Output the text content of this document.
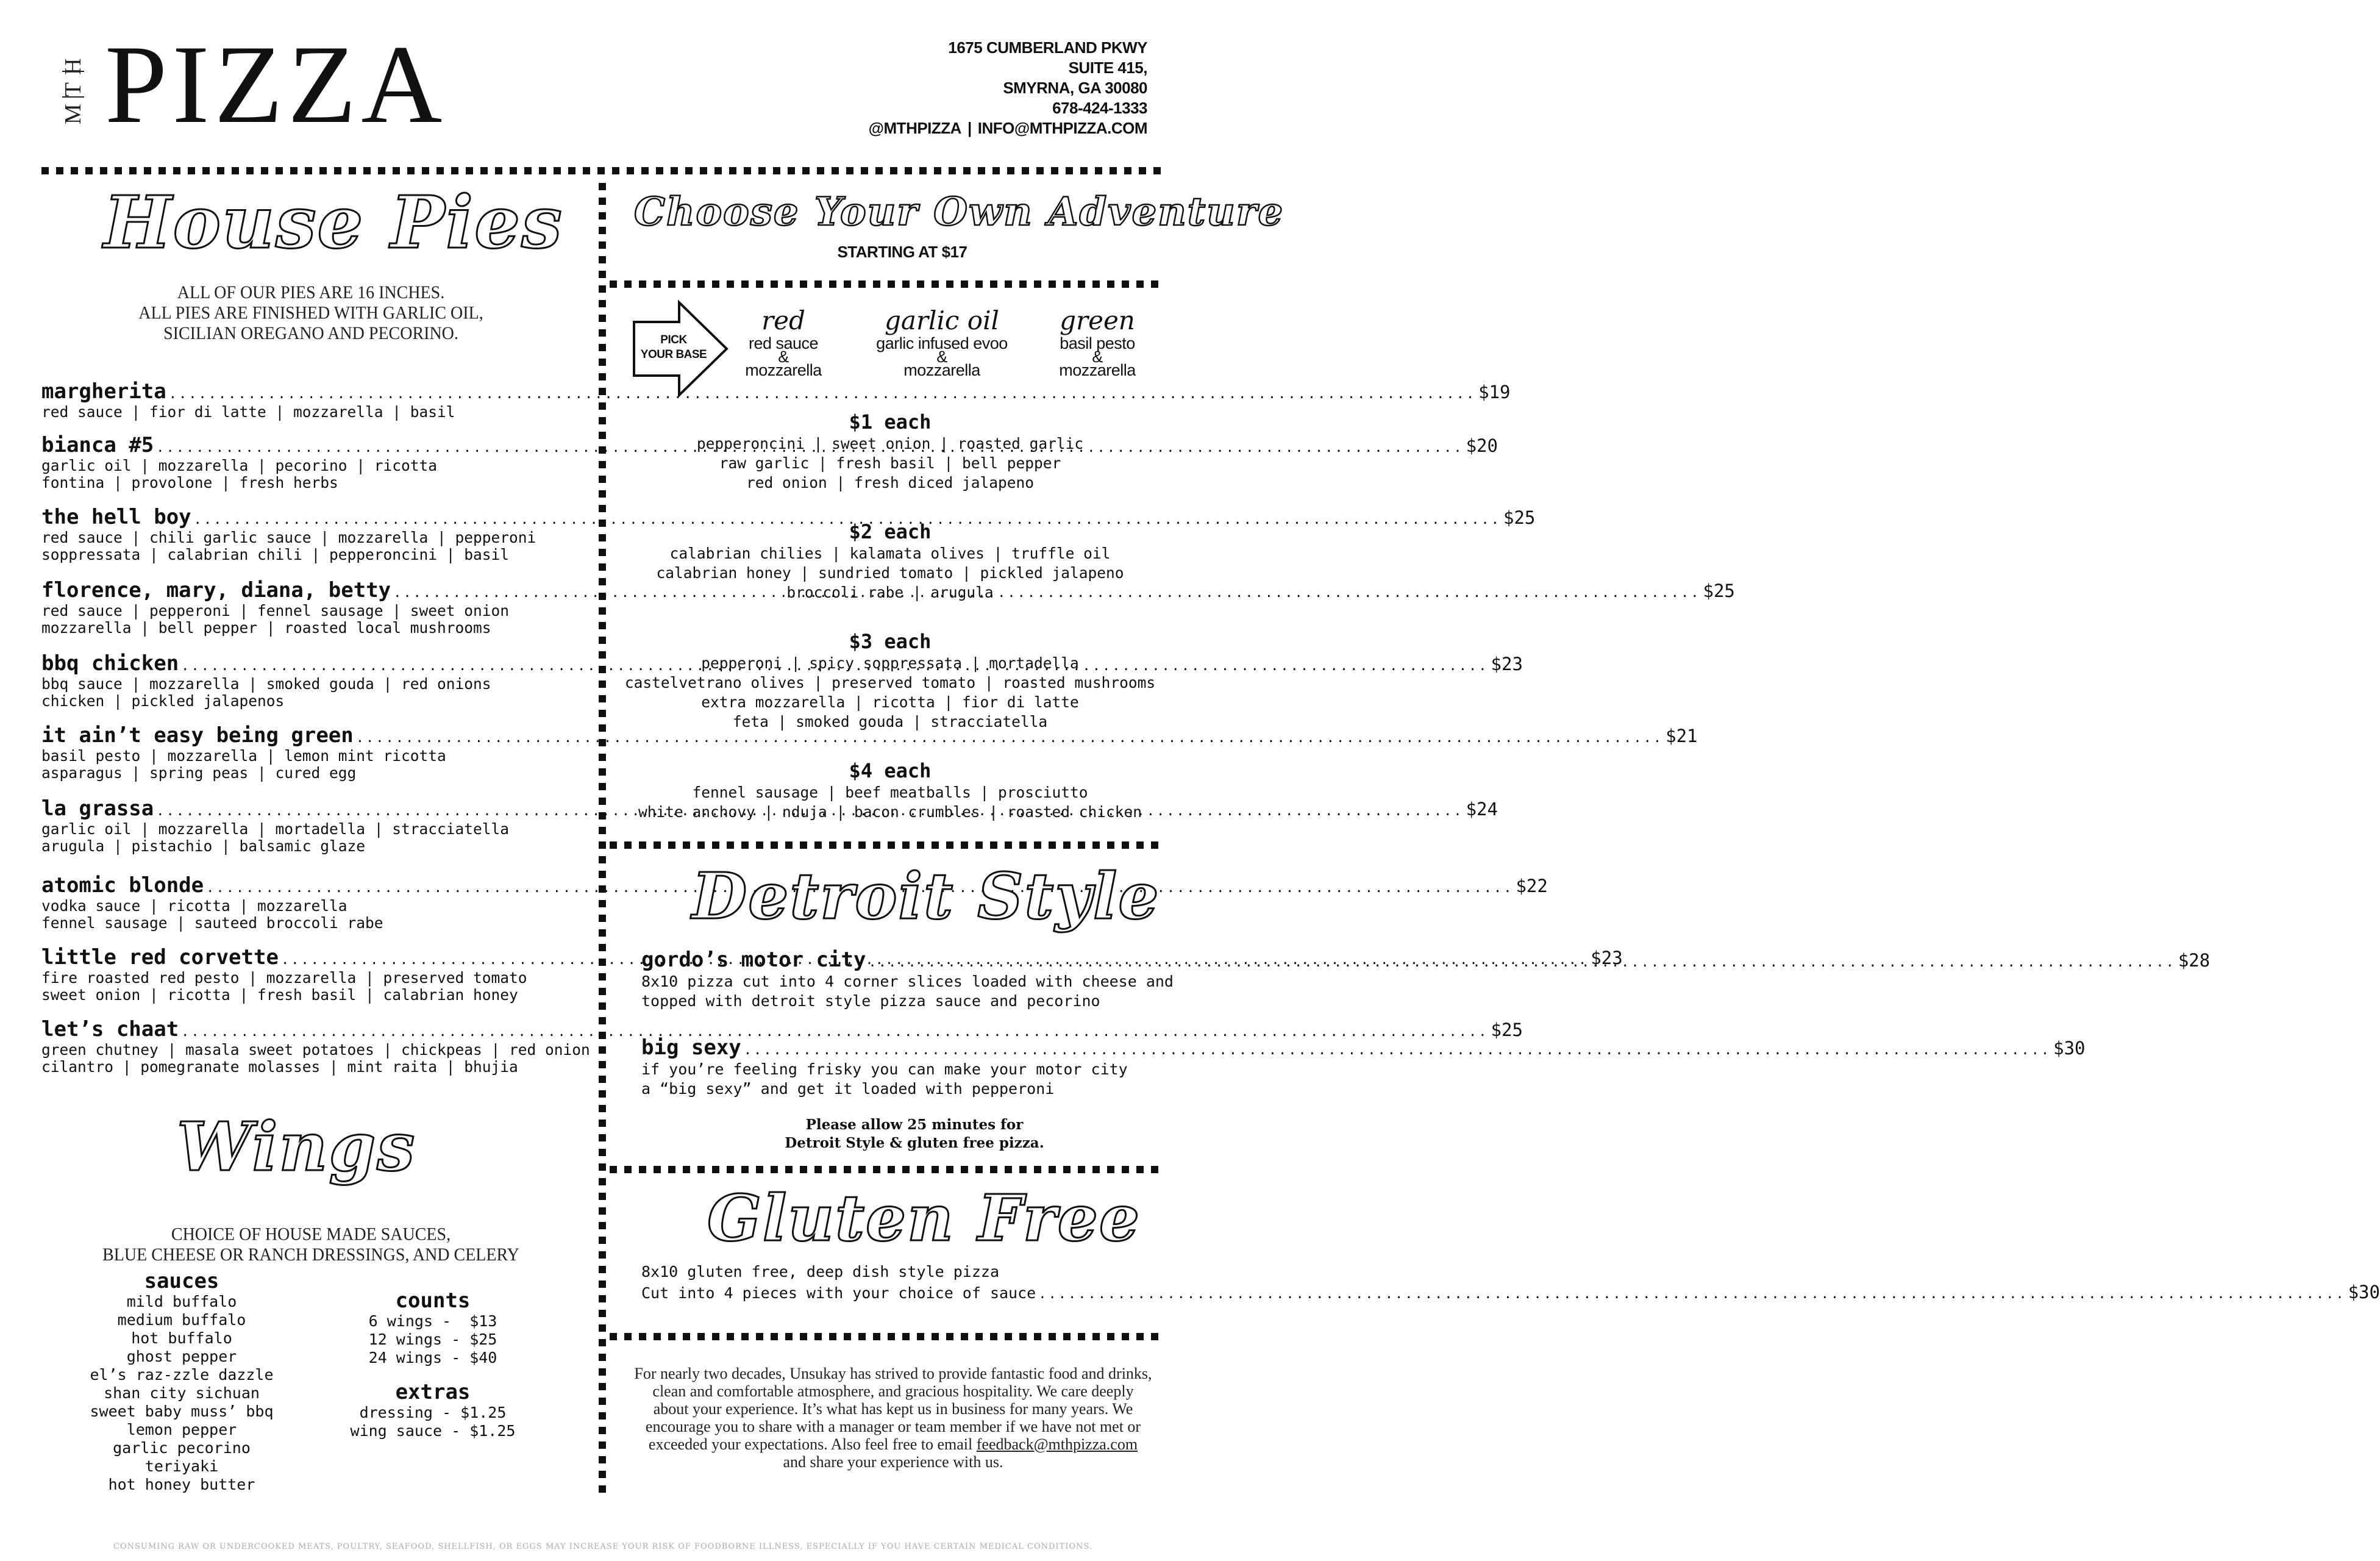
MTH PIZZA	1675 CUMBERLAND PKWY
SUITE 415,
SMYRNA, GA 30080
678-424-1333
@MTHPIZZA | INFO@MTHPIZZA.COM
House Pies
ALL OF OUR PIES ARE 16 INCHES.
ALL PIES ARE FINISHED WITH GARLIC OIL,
SICILIAN OREGANO AND PECORINO.
margherita .....	$19
red sauce | fior di latte | mozzarella | basil
bianca #5 .....	$20
garlic oil | mozzarella | pecorino | ricotta
fontina | provolone | fresh herbs
the hell boy .....	$25
red sauce | chili garlic sauce | mozzarella | pepperoni
soppressata | calabrian chili | pepperoncini | basil
florence, mary, diana, betty .....	$25
red sauce | pepperoni | fennel sausage | sweet onion
mozzarella | bell pepper | roasted local mushrooms
bbq chicken .....	$23
bbq sauce | mozzarella | smoked gouda | red onions
chicken | pickled jalapenos
it ain’t easy being green .....	$21
basil pesto | mozzarella | lemon mint ricotta
asparagus | spring peas | cured egg
la grassa .....	$24
garlic oil | mozzarella | mortadella | stracciatella
arugula | pistachio | balsamic glaze
atomic blonde .....	$22
vodka sauce | ricotta | mozzarella
fennel sausage | sauteed broccoli rabe
little red corvette .....	$23
fire roasted red pesto | mozzarella | preserved tomato
sweet onion | ricotta | fresh basil | calabrian honey
let’s chaat .....	$25
green chutney | masala sweet potatoes | chickpeas | red onion
cilantro | pomegranate molasses | mint raita | bhujia
Wings
CHOICE OF HOUSE MADE SAUCES,
BLUE CHEESE OR RANCH DRESSINGS, AND CELERY
sauces
mild buffalo
medium buffalo
hot buffalo
ghost pepper
el’s raz-zzle dazzle
shan city sichuan
sweet baby muss’ bbq
lemon pepper
garlic pecorino
teriyaki
hot honey butter
counts
6 wings -  $13
12 wings - $25
24 wings - $40
extras
dressing - $1.25
wing sauce - $1.25
Choose Your Own Adventure
STARTING AT $17
PICK
YOUR BASE
red
red sauce
&
mozzarella
garlic oil
garlic infused evoo
&
mozzarella
green
basil pesto
&
mozzarella
$1 each
pepperoncini | sweet onion | roasted garlic
raw garlic | fresh basil | bell pepper
red onion | fresh diced jalapeno
$2 each
calabrian chilies | kalamata olives | truffle oil
calabrian honey | sundried tomato | pickled jalapeno
broccoli rabe | arugula
$3 each
pepperoni | spicy soppressata | mortadella
castelvetrano olives | preserved tomato | roasted mushrooms
extra mozzarella | ricotta | fior di latte
feta | smoked gouda | stracciatella
$4 each
fennel sausage | beef meatballs | prosciutto
white anchovy | nduja | bacon crumbles | roasted chicken
Detroit Style
gordo’s motor city .....	$28
8x10 pizza cut into 4 corner slices loaded with cheese and
topped with detroit style pizza sauce and pecorino
big sexy .....	$30
if you’re feeling frisky you can make your motor city
a “big sexy” and get it loaded with pepperoni
Please allow 25 minutes for
Detroit Style & gluten free pizza.
Gluten Free
8x10 gluten free, deep dish style pizza
Cut into 4 pieces with your choice of sauce .....	$30
For nearly two decades, Unsukay has strived to provide fantastic food and drinks,
clean and comfortable atmosphere, and gracious hospitality. We care deeply
about your experience. It’s what has kept us in business for many years. We
encourage you to share with a manager or team member if we have not met or
exceeded your expectations. Also feel free to email feedback@mthpizza.com
and share your experience with us.
CONSUMING RAW OR UNDERCOOKED MEATS, POULTRY, SEAFOOD, SHELLFISH, OR EGGS MAY INCREASE YOUR RISK OF FOODBORNE ILLNESS, ESPECIALLY IF YOU HAVE CERTAIN MEDICAL CONDITIONS.
